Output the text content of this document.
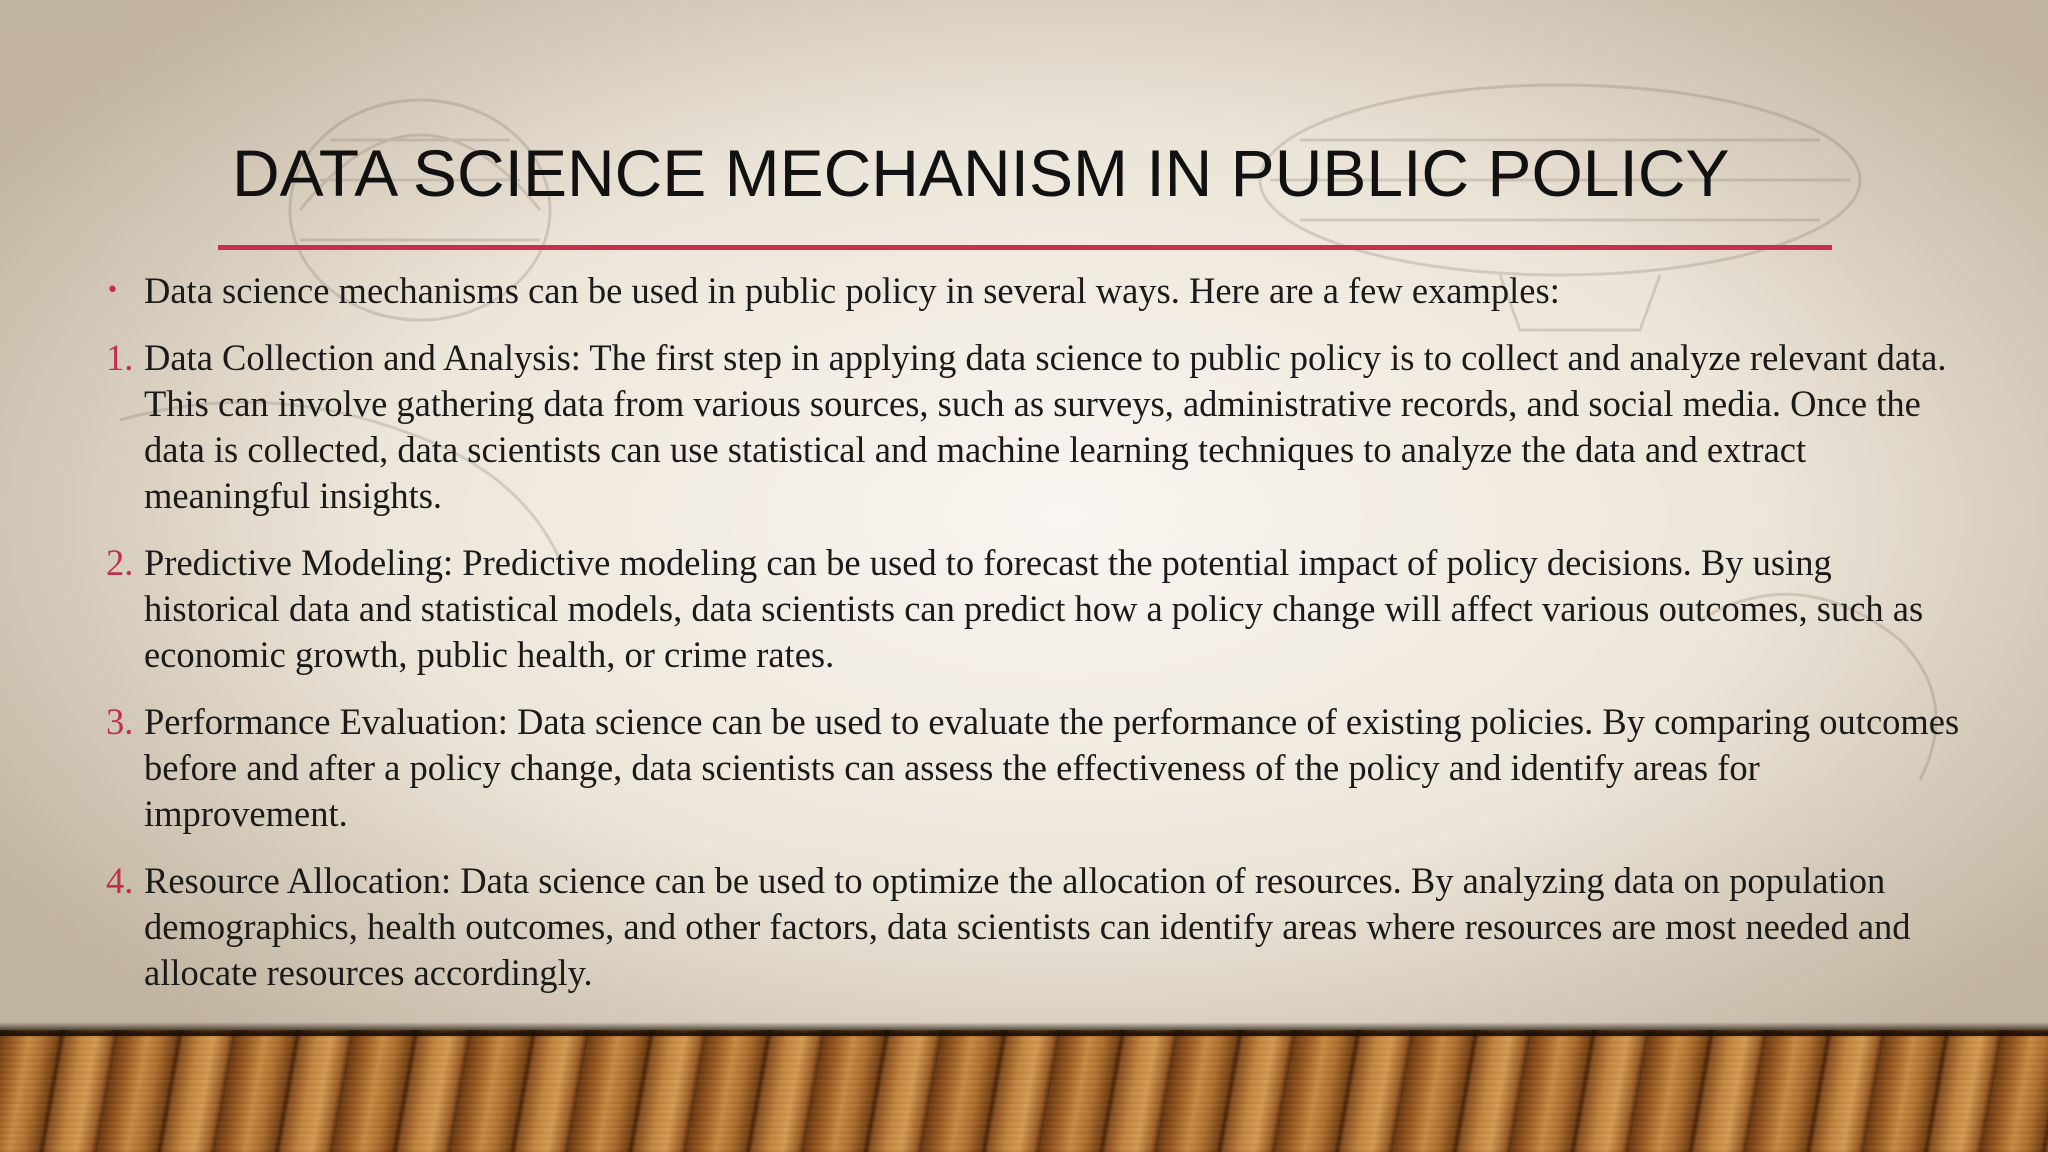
DATA SCIENCE MECHANISM IN PUBLIC POLICY
• Data science mechanisms can be used in public policy in several ways. Here are a few examples:
1. Data Collection and Analysis: The first step in applying data science to public policy is to collect and analyze relevant data. This can involve gathering data from various sources, such as surveys, administrative records, and social media. Once the data is collected, data scientists can use statistical and machine learning techniques to analyze the data and extract meaningful insights.
2. Predictive Modeling: Predictive modeling can be used to forecast the potential impact of policy decisions. By using historical data and statistical models, data scientists can predict how a policy change will affect various outcomes, such as economic growth, public health, or crime rates.
3. Performance Evaluation: Data science can be used to evaluate the performance of existing policies. By comparing outcomes before and after a policy change, data scientists can assess the effectiveness of the policy and identify areas for improvement.
4. Resource Allocation: Data science can be used to optimize the allocation of resources. By analyzing data on population demographics, health outcomes, and other factors, data scientists can identify areas where resources are most needed and allocate resources accordingly.
